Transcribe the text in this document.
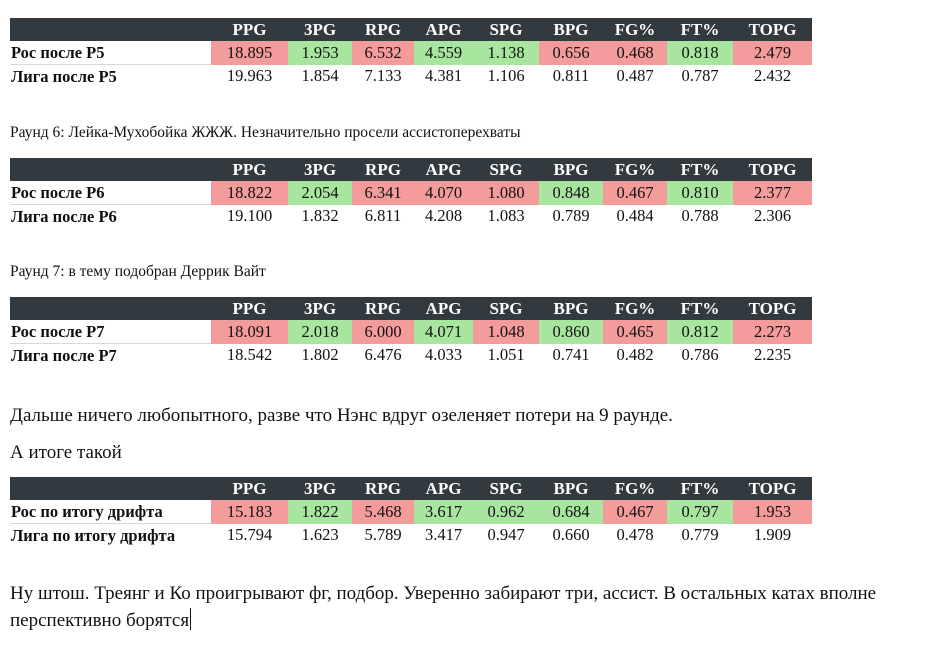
	PPG	3PG	RPG	APG	SPG	BPG	FG%	FT%	TOPG
Рос после Р5	18.895	1.953	6.532	4.559	1.138	0.656	0.468	0.818	2.479
Лига после Р5	19.963	1.854	7.133	4.381	1.106	0.811	0.487	0.787	2.432
Раунд 6: Лейка-Мухобойка ЖЖЖ. Незначительно просели ассистоперехваты
	PPG	3PG	RPG	APG	SPG	BPG	FG%	FT%	TOPG
Рос после Р6	18.822	2.054	6.341	4.070	1.080	0.848	0.467	0.810	2.377
Лига после Р6	19.100	1.832	6.811	4.208	1.083	0.789	0.484	0.788	2.306
Раунд 7: в тему подобран Деррик Вайт
	PPG	3PG	RPG	APG	SPG	BPG	FG%	FT%	TOPG
Рос после Р7	18.091	2.018	6.000	4.071	1.048	0.860	0.465	0.812	2.273
Лига после Р7	18.542	1.802	6.476	4.033	1.051	0.741	0.482	0.786	2.235
Дальше ничего любопытного, разве что Нэнс вдруг озеленяет потери на 9 раунде.
А итоге такой
	PPG	3PG	RPG	APG	SPG	BPG	FG%	FT%	TOPG
Рос по итогу дрифта	15.183	1.822	5.468	3.617	0.962	0.684	0.467	0.797	1.953
Лига по итогу дрифта	15.794	1.623	5.789	3.417	0.947	0.660	0.478	0.779	1.909
Ну штош. Треянг и Ко проигрывают фг, подбор. Уверенно забирают три, ассист. В остальных катах вполне перспективно борятся
